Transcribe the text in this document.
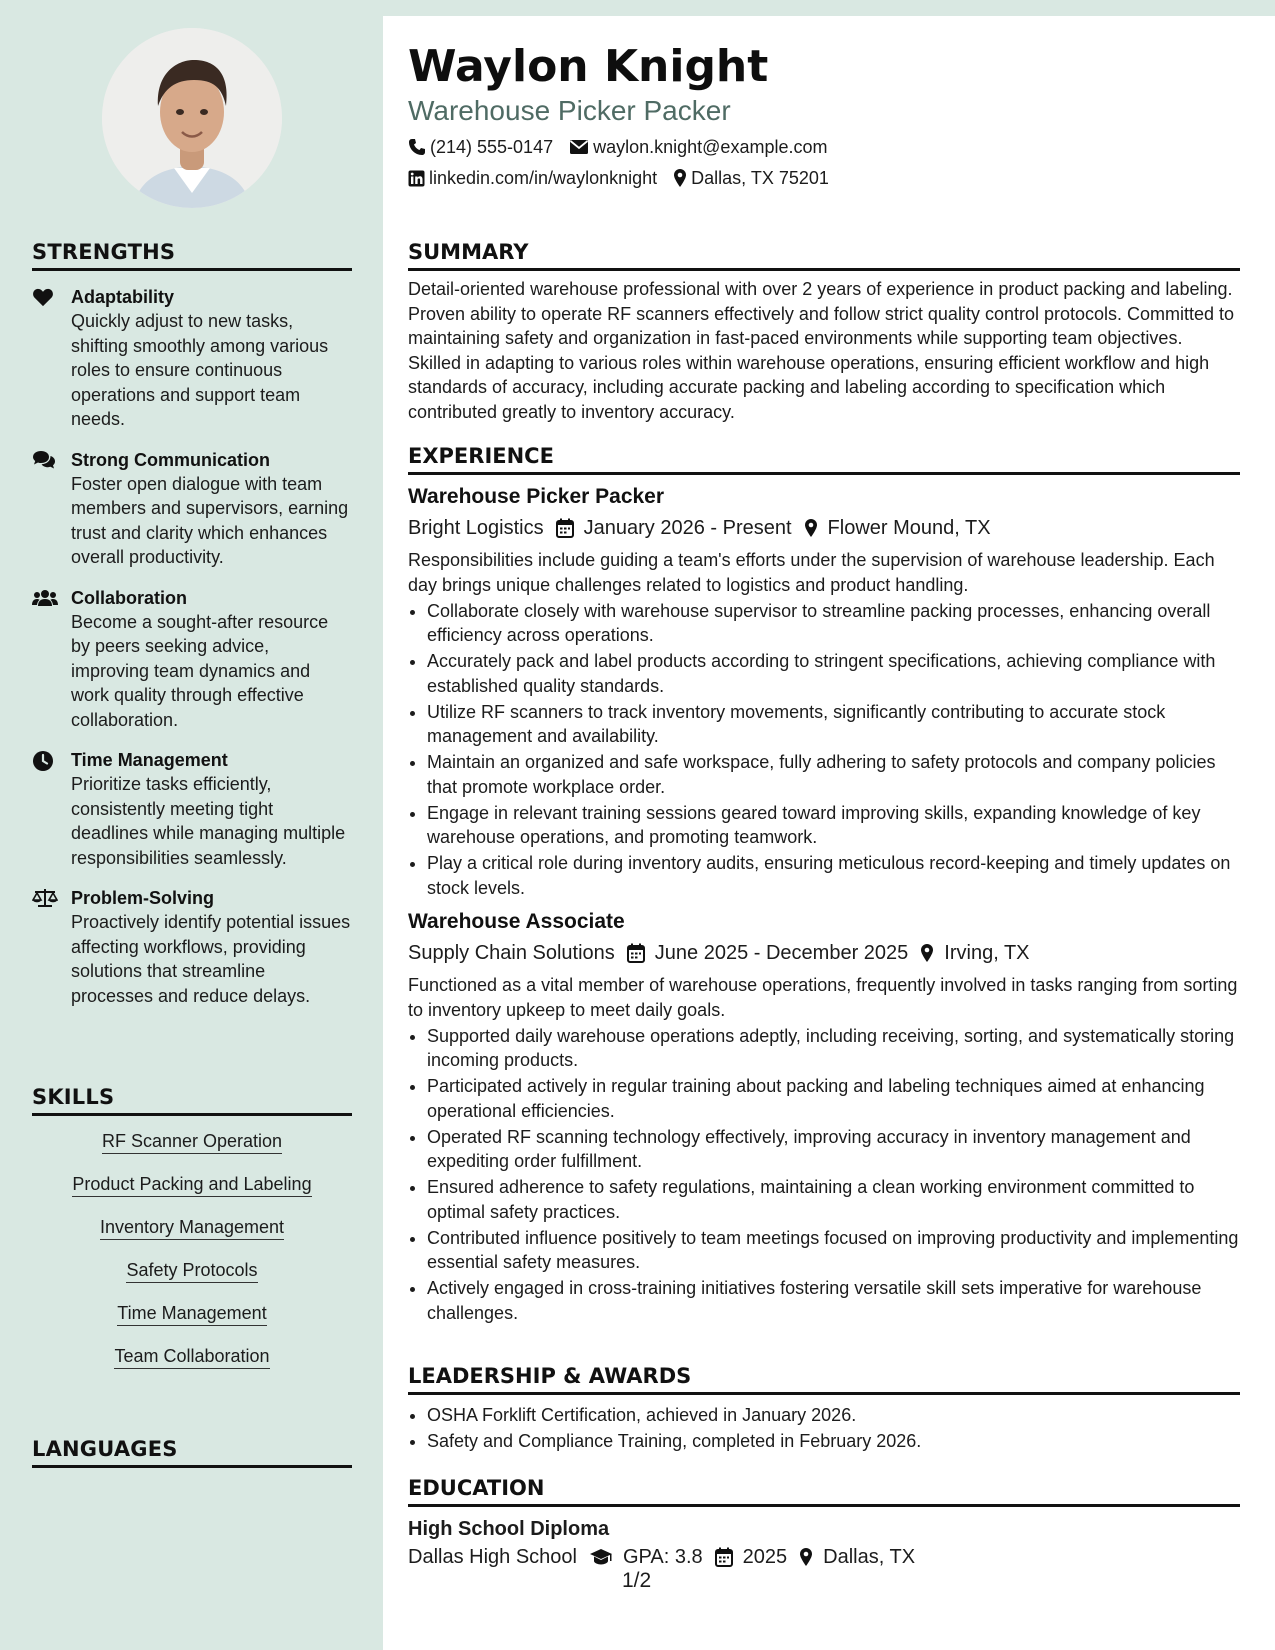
STRENGTHS
Adaptability
Quickly adjust to new tasks, shifting smoothly among various roles to ensure continuous operations and support team needs.
Strong Communication
Foster open dialogue with team members and supervisors, earning trust and clarity which enhances overall productivity.
Collaboration
Become a sought-after resource by peers seeking advice, improving team dynamics and work quality through effective collaboration.
Time Management
Prioritize tasks efficiently, consistently meeting tight deadlines while managing multiple responsibilities seamlessly.
Problem-Solving
Proactively identify potential issues affecting workflows, providing solutions that streamline processes and reduce delays.
SKILLS
RF Scanner Operation
Product Packing and Labeling
Inventory Management
Safety Protocols
Time Management
Team Collaboration
LANGUAGES
Waylon Knight
Warehouse Picker Packer
(214) 555-0147 waylon.knight@example.com
linkedin.com/in/waylonknight Dallas, TX 75201
SUMMARY

Detail-oriented warehouse professional with over 2 years of experience in product packing and labeling. Proven ability to operate RF scanners effectively and follow strict quality control protocols. Committed to maintaining safety and organization in fast-paced environments while supporting team objectives. Skilled in adapting to various roles within warehouse operations, ensuring efficient workflow and high standards of accuracy, including accurate packing and labeling according to specification which contributed greatly to inventory accuracy.

EXPERIENCE
Warehouse Picker Packer
Bright Logistics January 2026 - Present Flower Mound, TX
Responsibilities include guiding a team's efforts under the supervision of warehouse leadership. Each day brings unique challenges related to logistics and product handling.
• Collaborate closely with warehouse supervisor to streamline packing processes, enhancing overall efficiency across operations.
• Accurately pack and label products according to stringent specifications, achieving compliance with established quality standards.
• Utilize RF scanners to track inventory movements, significantly contributing to accurate stock management and availability.
• Maintain an organized and safe workspace, fully adhering to safety protocols and company policies that promote workplace order.
• Engage in relevant training sessions geared toward improving skills, expanding knowledge of key warehouse operations, and promoting teamwork.
• Play a critical role during inventory audits, ensuring meticulous record-keeping and timely updates on stock levels.
Warehouse Associate
Supply Chain Solutions June 2025 - December 2025 Irving, TX
Functioned as a vital member of warehouse operations, frequently involved in tasks ranging from sorting to inventory upkeep to meet daily goals.
• Supported daily warehouse operations adeptly, including receiving, sorting, and systematically storing incoming products.
• Participated actively in regular training about packing and labeling techniques aimed at enhancing operational efficiencies.
• Operated RF scanning technology effectively, improving accuracy in inventory management and expediting order fulfillment.
• Ensured adherence to safety regulations, maintaining a clean working environment committed to optimal safety practices.
• Contributed influence positively to team meetings focused on improving productivity and implementing essential safety measures.
• Actively engaged in cross-training initiatives fostering versatile skill sets imperative for warehouse challenges.
LEADERSHIP & AWARDS
• OSHA Forklift Certification, achieved in January 2026.
• Safety and Compliance Training, completed in February 2026.
EDUCATION
High School Diploma
Dallas High School GPA: 3.8 2025 Dallas, TX
1/2
